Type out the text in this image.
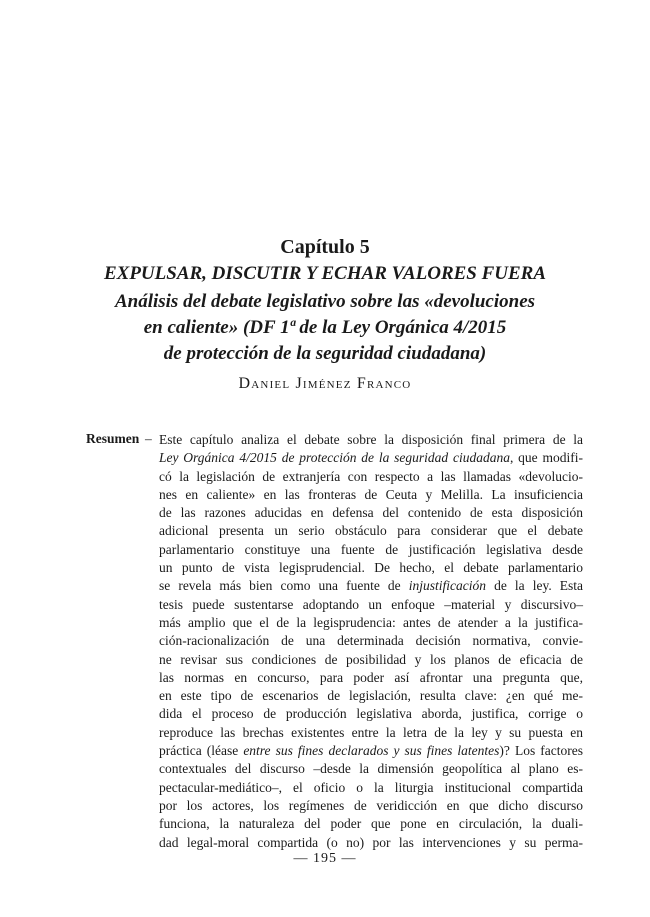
Capítulo 5
EXPULSAR, DISCUTIR Y ECHAR VALORES FUERA
Análisis del debate legislativo sobre las «devoluciones
en caliente» (DF 1ª de la Ley Orgánica 4/2015
de protección de la seguridad ciudadana)
Daniel Jiménez Franco
Resumen – Este capítulo analiza el debate sobre la disposición final primera de la
Ley Orgánica 4/2015 de protección de la seguridad ciudadana, que modifi-
có la legislación de extranjería con respecto a las llamadas «devolucio-
nes en caliente» en las fronteras de Ceuta y Melilla. La insuficiencia
de las razones aducidas en defensa del contenido de esta disposición
adicional presenta un serio obstáculo para considerar que el debate
parlamentario constituye una fuente de justificación legislativa desde
un punto de vista legisprudencial. De hecho, el debate parlamentario
se revela más bien como una fuente de injustificación de la ley. Esta
tesis puede sustentarse adoptando un enfoque –material y discursivo–
más amplio que el de la legisprudencia: antes de atender a la justifica-
ción-racionalización de una determinada decisión normativa, convie-
ne revisar sus condiciones de posibilidad y los planos de eficacia de
las normas en concurso, para poder así afrontar una pregunta que,
en este tipo de escenarios de legislación, resulta clave: ¿en qué me-
dida el proceso de producción legislativa aborda, justifica, corrige o
reproduce las brechas existentes entre la letra de la ley y su puesta en
práctica (léase entre sus fines declarados y sus fines latentes)? Los factores
contextuales del discurso –desde la dimensión geopolítica al plano es-
pectacular-mediático–, el oficio o la liturgia institucional compartida
por los actores, los regímenes de veridicción en que dicho discurso
funciona, la naturaleza del poder que pone en circulación, la duali-
dad legal-moral compartida (o no) por las intervenciones y su perma-
— 195 —
